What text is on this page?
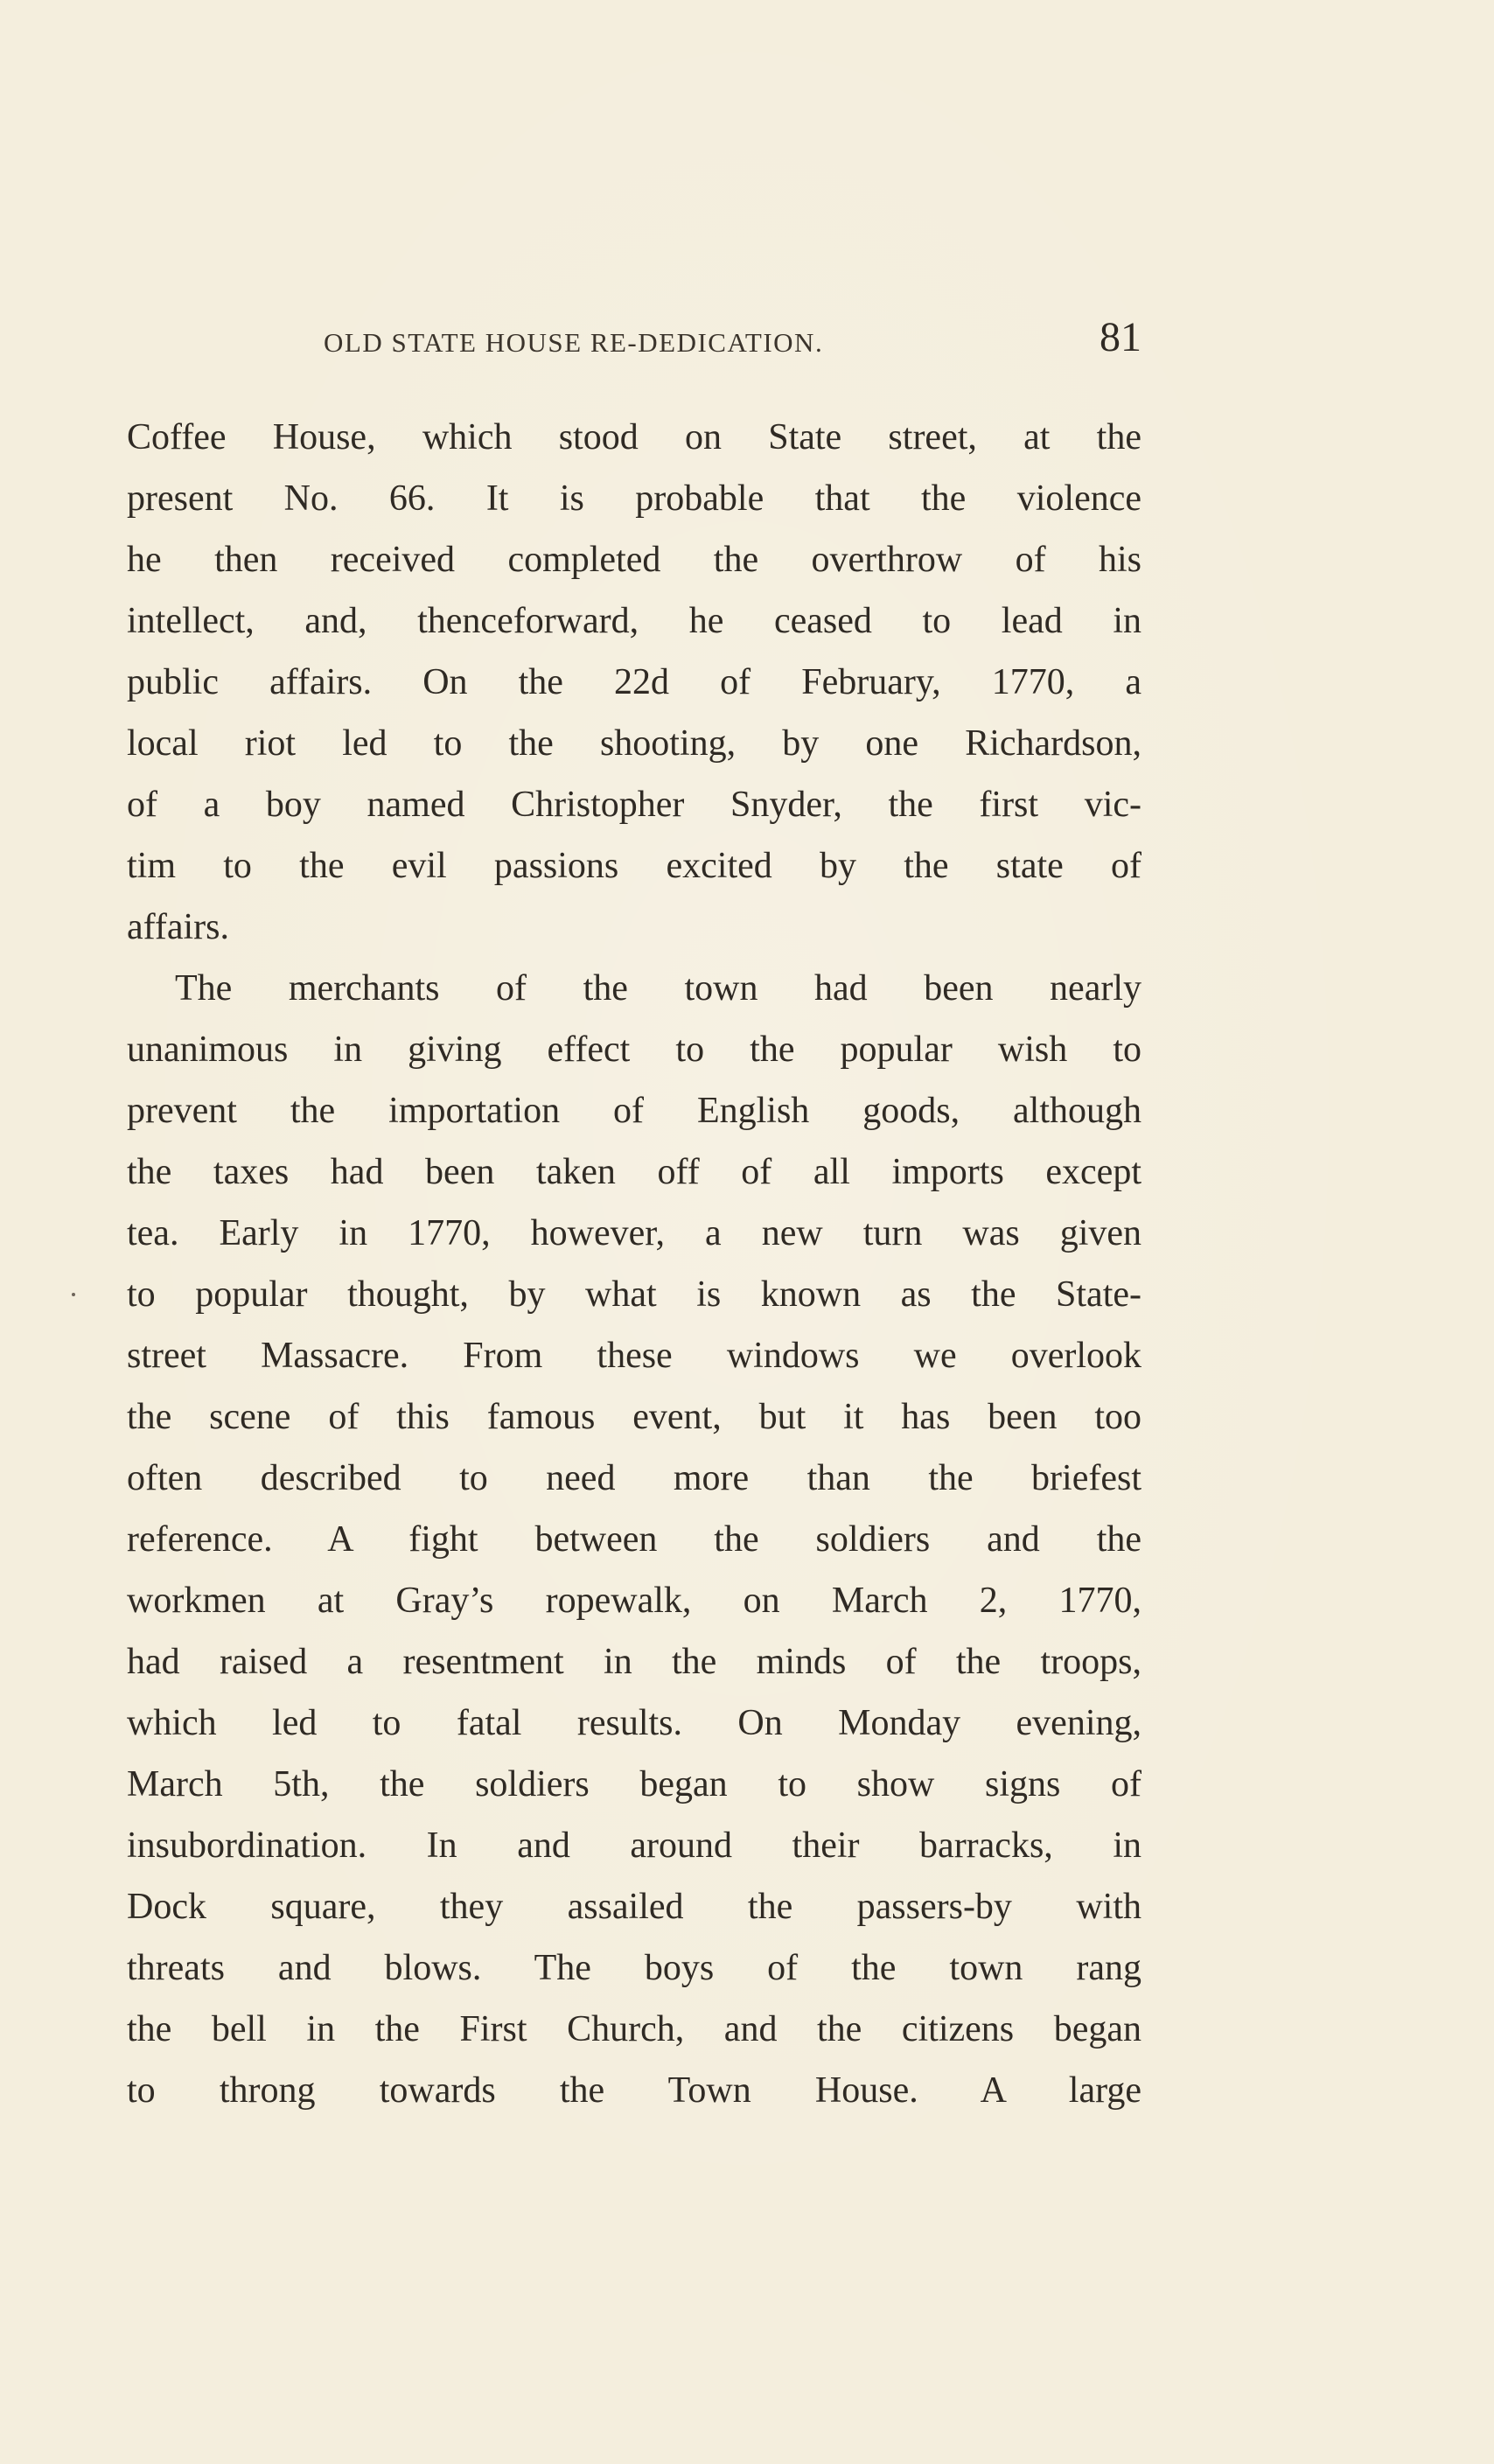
OLD STATE HOUSE RE-DEDICATION.	81
Coffee House, which stood on State street, at the
present No. 66. It is probable that the violence
he then received completed the overthrow of his
intellect, and, thenceforward, he ceased to lead in
public affairs. On the 22d of February, 1770, a
local riot led to the shooting, by one Richardson,
of a boy named Christopher Snyder, the first vic-
tim to the evil passions excited by the state of
affairs.
The merchants of the town had been nearly
unanimous in giving effect to the popular wish to
prevent the importation of English goods, although
the taxes had been taken off of all imports except
tea. Early in 1770, however, a new turn was given
to popular thought, by what is known as the State-
street Massacre. From these windows we overlook
the scene of this famous event, but it has been too
often described to need more than the briefest
reference. A fight between the soldiers and the
workmen at Gray’s ropewalk, on March 2, 1770,
had raised a resentment in the minds of the troops,
which led to fatal results. On Monday evening,
March 5th, the soldiers began to show signs of
insubordination. In and around their barracks, in
Dock square, they assailed the passers-by with
threats and blows. The boys of the town rang
the bell in the First Church, and the citizens began
to throng towards the Town House. A large
